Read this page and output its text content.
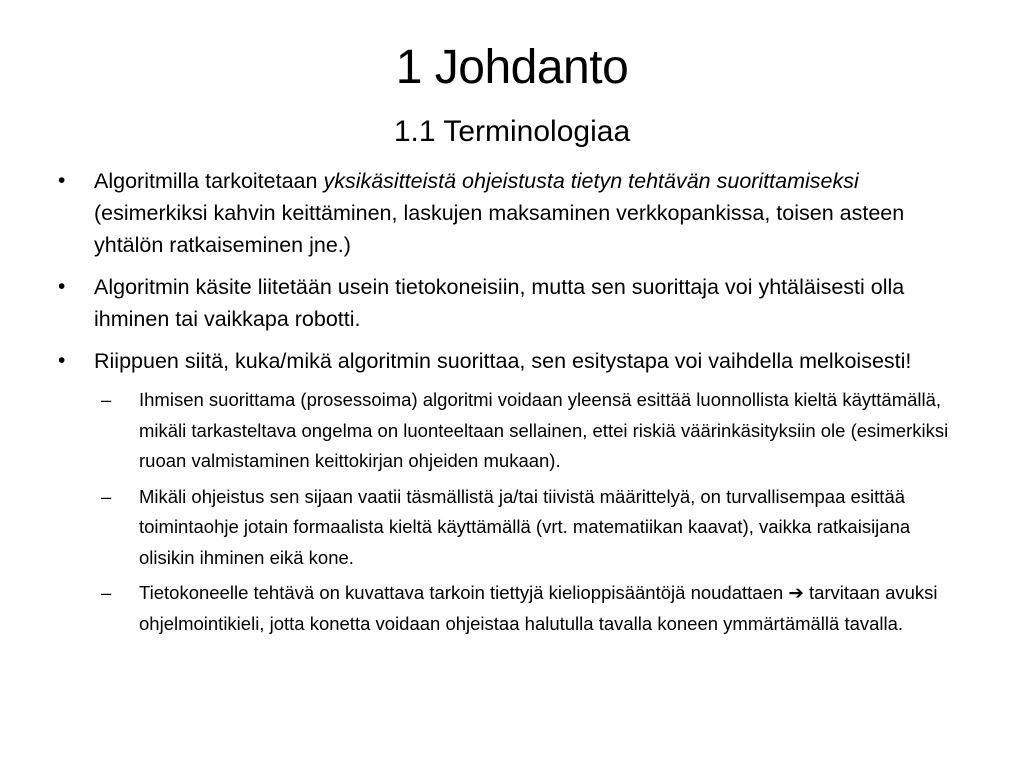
1 Johdanto
1.1 Terminologiaa
•	Algoritmilla tarkoitetaan yksikäsitteistä ohjeistusta tietyn tehtävän suorittamiseksi (esimerkiksi kahvin keittäminen, laskujen maksaminen verkkopankissa, toisen asteen yhtälön ratkaiseminen jne.)
•	Algoritmin käsite liitetään usein tietokoneisiin, mutta sen suorittaja voi yhtäläisesti olla ihminen tai vaikkapa robotti.
•	Riippuen siitä, kuka/mikä algoritmin suorittaa, sen esitystapa voi vaihdella melkoisesti!
– Ihmisen suorittama (prosessoima) algoritmi voidaan yleensä esittää luonnollista kieltä käyttämällä, mikäli tarkasteltava ongelma on luonteeltaan sellainen, ettei riskiä väärinkäsityksiin ole (esimerkiksi ruoan valmistaminen keittokirjan ohjeiden mukaan).
– Mikäli ohjeistus sen sijaan vaatii täsmällistä ja/tai tiivistä määrittelyä, on turvallisempaa esittää toimintaohje jotain formaalista kieltä käyttämällä (vrt. matematiikan kaavat), vaikka ratkaisijana olisikin ihminen eikä kone.
– Tietokoneelle tehtävä on kuvattava tarkoin tiettyjä kielioppisääntöjä noudattaen ➔ tarvitaan avuksi ohjelmointikieli, jotta konetta voidaan ohjeistaa halutulla tavalla koneen ymmärtämällä tavalla.
